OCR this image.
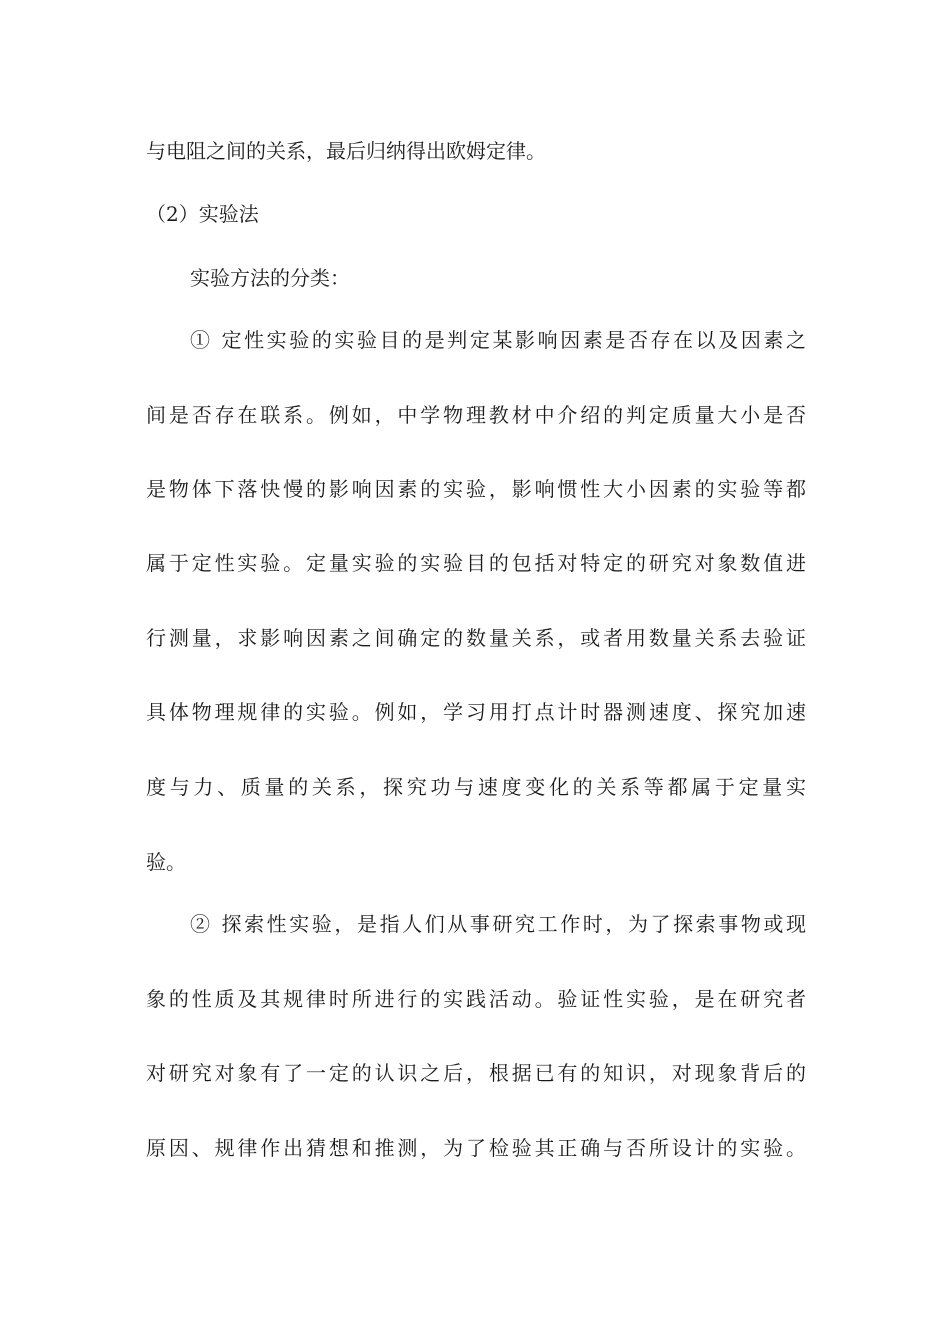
与电阻之间的关系，最后归纳得出欧姆定律。
（2）实验法
实验方法的分类：
① 定性实验的实验目的是判定某影响因素是否存在以及因素之
间是否存在联系。例如，中学物理教材中介绍的判定质量大小是否
是物体下落快慢的影响因素的实验，影响惯性大小因素的实验等都
属于定性实验。定量实验的实验目的包括对特定的研究对象数值进
行测量，求影响因素之间确定的数量关系，或者用数量关系去验证
具体物理规律的实验。例如，学习用打点计时器测速度、探究加速
度与力、质量的关系，探究功与速度变化的关系等都属于定量实
验。
② 探索性实验，是指人们从事研究工作时，为了探索事物或现
象的性质及其规律时所进行的实践活动。验证性实验，是在研究者
对研究对象有了一定的认识之后，根据已有的知识，对现象背后的
原因、规律作出猜想和推测，为了检验其正确与否所设计的实验。
